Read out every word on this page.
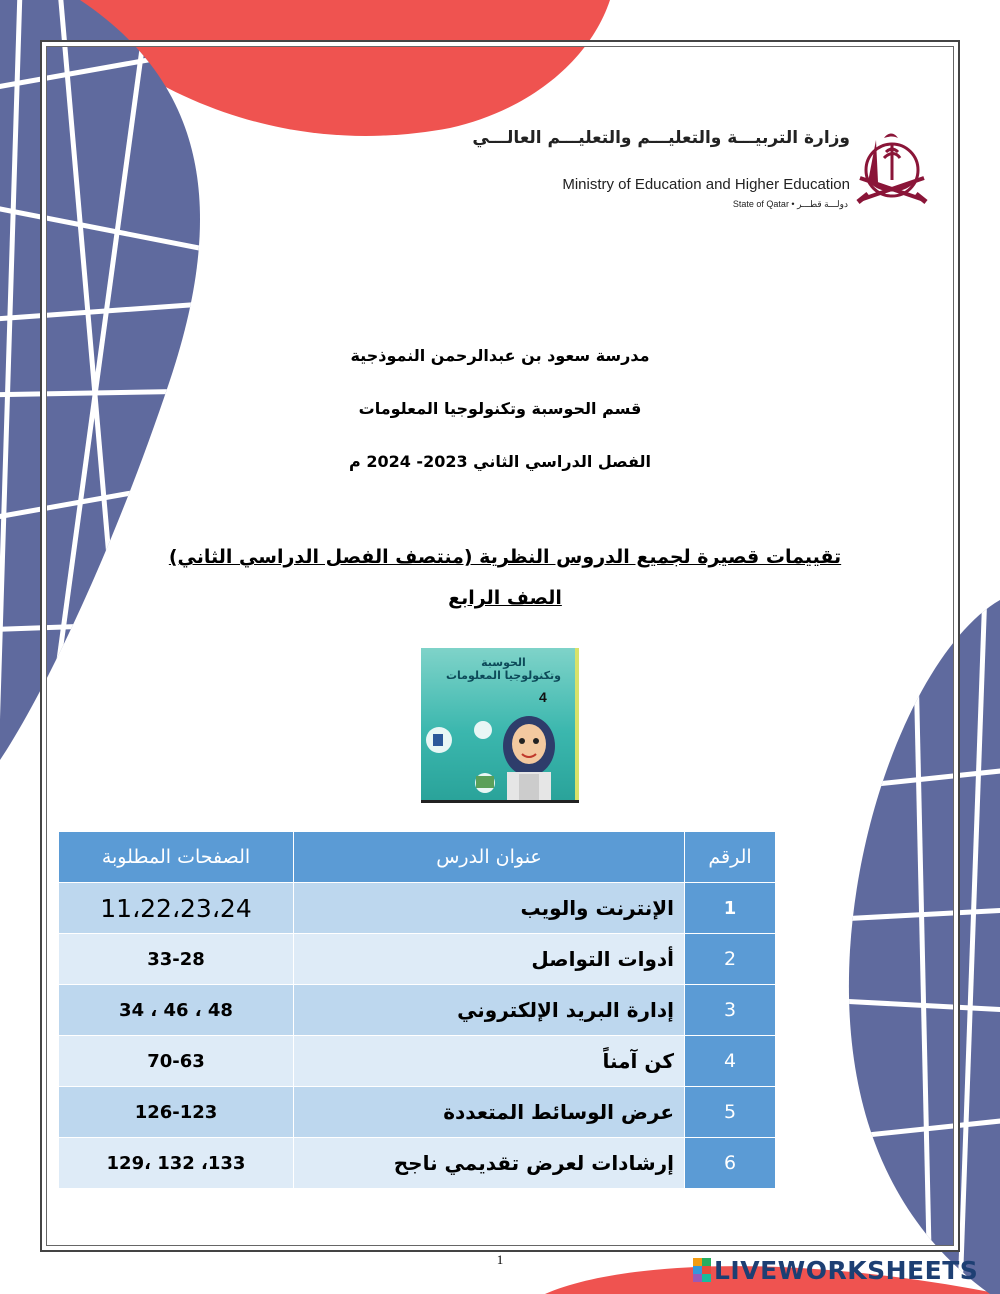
وزارة التربيـــة والتعليـــم والتعليـــم العالـــي
Ministry of Education and Higher Education
State of Qatar • دولـــة قطـــر
مدرسة سعود بن عبدالرحمن النموذجية
قسم الحوسبة وتكنولوجيا المعلومات
الفصل الدراسي الثاني 2023- 2024 م
تقييمات قصيرة لجميع الدروس النظرية (منتصف الفصل الدراسي الثاني)
الصف الرابع
الحوسبة
وتكنولوجيا المعلومات
4
الرقم	عنوان الدرس	الصفحات المطلوبة
1	الإنترنت والويب	11،22،23،24
2	أدوات التواصل	33-28
3	إدارة البريد الإلكتروني	34 ، 46 ، 48
4	كن آمناً	70-63
5	عرض الوسائط المتعددة	126-123
6	إرشادات لعرض تقديمي ناجح	129، 132 ،133
1	LIVEWORKSHEETS
